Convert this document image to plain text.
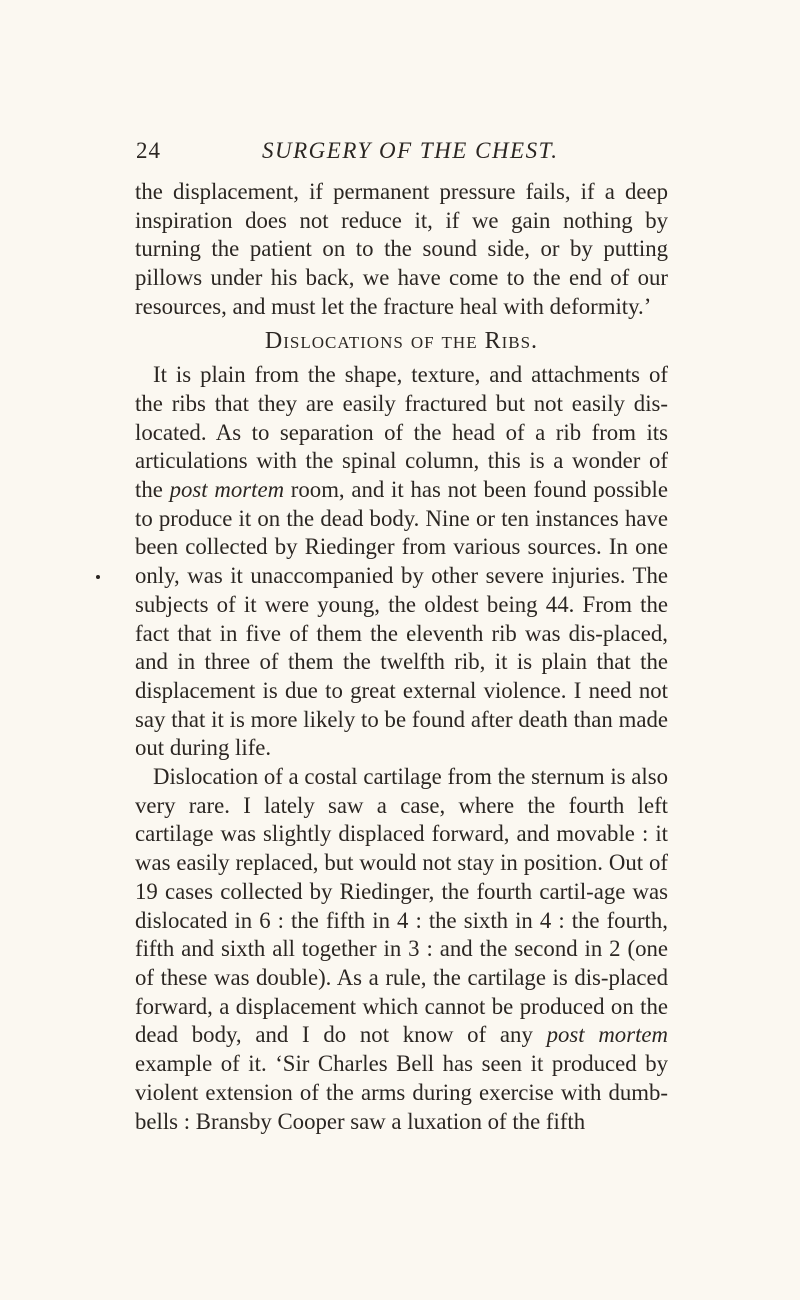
24	SURGERY OF THE CHEST.

the displacement, if permanent pressure fails, if a deep inspiration does not reduce it, if we gain nothing by turning the patient on to the sound side, or by putting pillows under his back, we have come to the end of our resources, and must let the fracture heal with deformity.’

Dislocations of the Ribs.

It is plain from the shape, texture, and attachments of the ribs that they are easily fractured but not easily dis-located. As to separation of the head of a rib from its articulations with the spinal column, this is a wonder of the post mortem room, and it has not been found possible to produce it on the dead body. Nine or ten instances have been collected by Riedinger from various sources. In one only, was it unaccompanied by other severe injuries. The subjects of it were young, the oldest being 44. From the fact that in five of them the eleventh rib was dis-placed, and in three of them the twelfth rib, it is plain that the displacement is due to great external violence. I need not say that it is more likely to be found after death than made out during life.

Dislocation of a costal cartilage from the sternum is also very rare. I lately saw a case, where the fourth left cartilage was slightly displaced forward, and movable : it was easily replaced, but would not stay in position. Out of 19 cases collected by Riedinger, the fourth cartil-age was dislocated in 6 : the fifth in 4 : the sixth in 4 : the fourth, fifth and sixth all together in 3 : and the second in 2 (one of these was double). As a rule, the cartilage is dis-placed forward, a displacement which cannot be produced on the dead body, and I do not know of any post mortem example of it. ‘Sir Charles Bell has seen it produced by violent extension of the arms during exercise with dumb-bells : Bransby Cooper saw a luxation of the fifth
